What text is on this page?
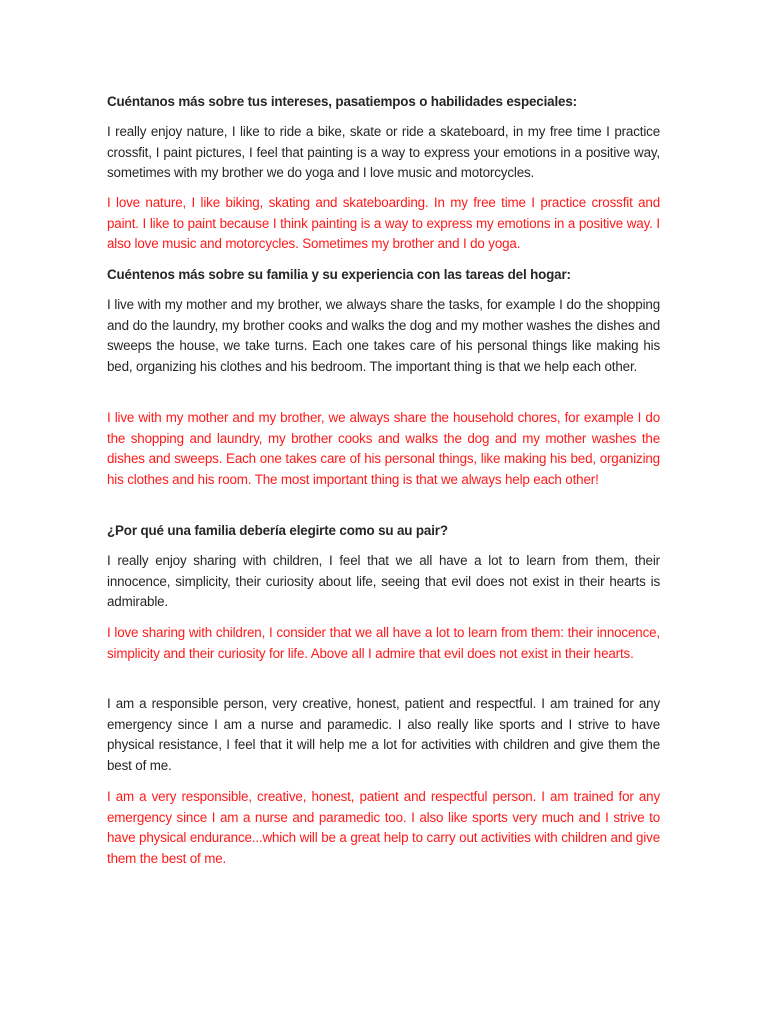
Cuéntanos más sobre tus intereses, pasatiempos o habilidades especiales:
I really enjoy nature, I like to ride a bike, skate or ride a skateboard, in my free time I practice crossfit, I paint pictures, I feel that painting is a way to express your emotions in a positive way, sometimes with my brother we do yoga and I love music and motorcycles.
I love nature, I like biking, skating and skateboarding. In my free time I practice crossfit and paint. I like to paint because I think painting is a way to express my emotions in a positive way. I also love music and motorcycles. Sometimes my brother and I do yoga.
Cuéntenos más sobre su familia y su experiencia con las tareas del hogar:
I live with my mother and my brother, we always share the tasks, for example I do the shopping and do the laundry, my brother cooks and walks the dog and my mother washes the dishes and sweeps the house, we take turns. Each one takes care of his personal things like making his bed, organizing his clothes and his bedroom. The important thing is that we help each other.
I live with my mother and my brother, we always share the household chores, for example I do the shopping and laundry, my brother cooks and walks the dog and my mother washes the dishes and sweeps. Each one takes care of his personal things, like making his bed, organizing his clothes and his room. The most important thing is that we always help each other!
¿Por qué una familia debería elegirte como su au pair?
I really enjoy sharing with children, I feel that we all have a lot to learn from them, their innocence, simplicity, their curiosity about life, seeing that evil does not exist in their hearts is admirable.
I love sharing with children, I consider that we all have a lot to learn from them: their innocence, simplicity and their curiosity for life. Above all I admire that evil does not exist in their hearts.
I am a responsible person, very creative, honest, patient and respectful. I am trained for any emergency since I am a nurse and paramedic. I also really like sports and I strive to have physical resistance, I feel that it will help me a lot for activities with children and give them the best of me.
I am a very responsible, creative, honest, patient and respectful person. I am trained for any emergency since I am a nurse and paramedic too. I also like sports very much and I strive to have physical endurance...which will be a great help to carry out activities with children and give them the best of me.
